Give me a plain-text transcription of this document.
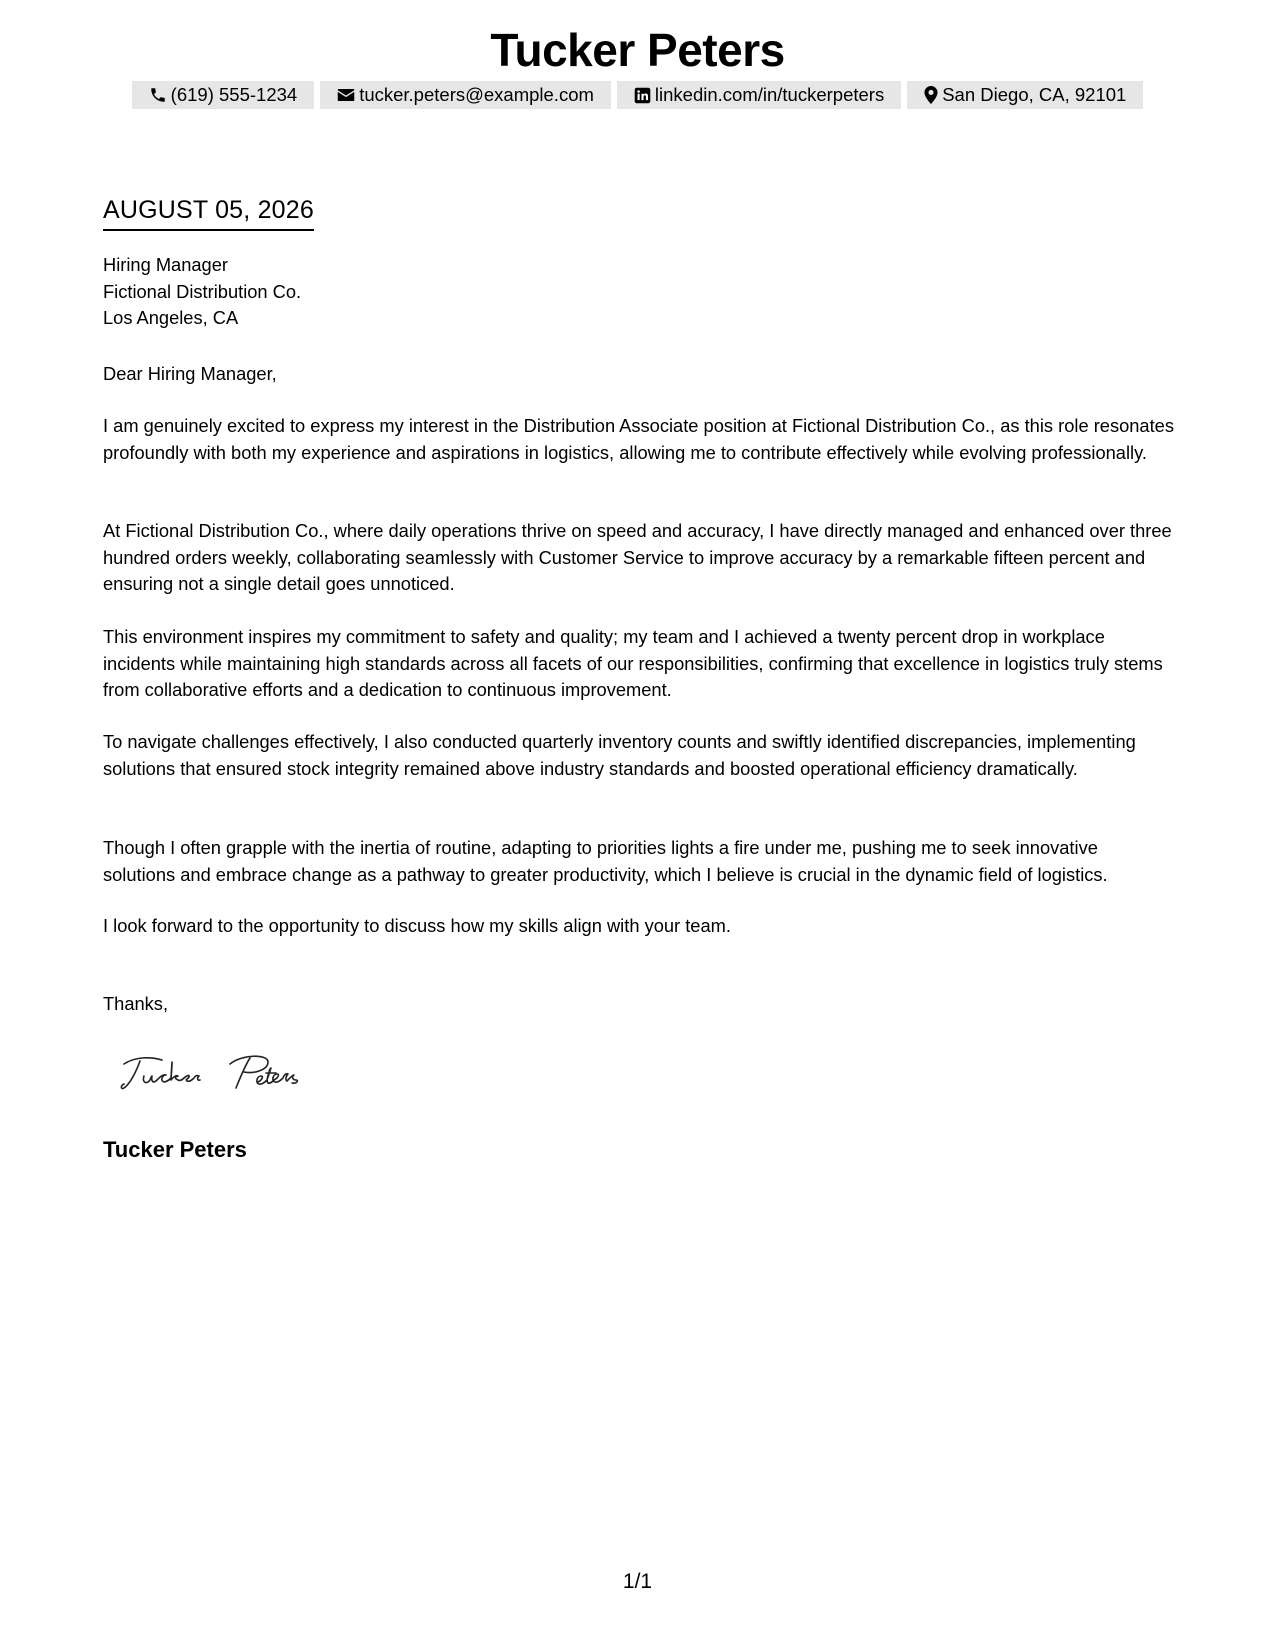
Tucker Peters
(619) 555-1234	tucker.peters@example.com	linkedin.com/in/tuckerpeters	San Diego, CA, 92101
AUGUST 05, 2026
Hiring Manager
Fictional Distribution Co.
Los Angeles, CA
Dear Hiring Manager,
I am genuinely excited to express my interest in the Distribution Associate position at Fictional Distribution Co., as this role resonates profoundly with both my experience and aspirations in logistics, allowing me to contribute effectively while evolving professionally.
At Fictional Distribution Co., where daily operations thrive on speed and accuracy, I have directly managed and enhanced over three hundred orders weekly, collaborating seamlessly with Customer Service to improve accuracy by a remarkable fifteen percent and ensuring not a single detail goes unnoticed.
This environment inspires my commitment to safety and quality; my team and I achieved a twenty percent drop in workplace incidents while maintaining high standards across all facets of our responsibilities, confirming that excellence in logistics truly stems from collaborative efforts and a dedication to continuous improvement.
To navigate challenges effectively, I also conducted quarterly inventory counts and swiftly identified discrepancies, implementing solutions that ensured stock integrity remained above industry standards and boosted operational efficiency dramatically.
Though I often grapple with the inertia of routine, adapting to priorities lights a fire under me, pushing me to seek innovative solutions and embrace change as a pathway to greater productivity, which I believe is crucial in the dynamic field of logistics.
I look forward to the opportunity to discuss how my skills align with your team.
Thanks,
Tucker Peters
1/1
